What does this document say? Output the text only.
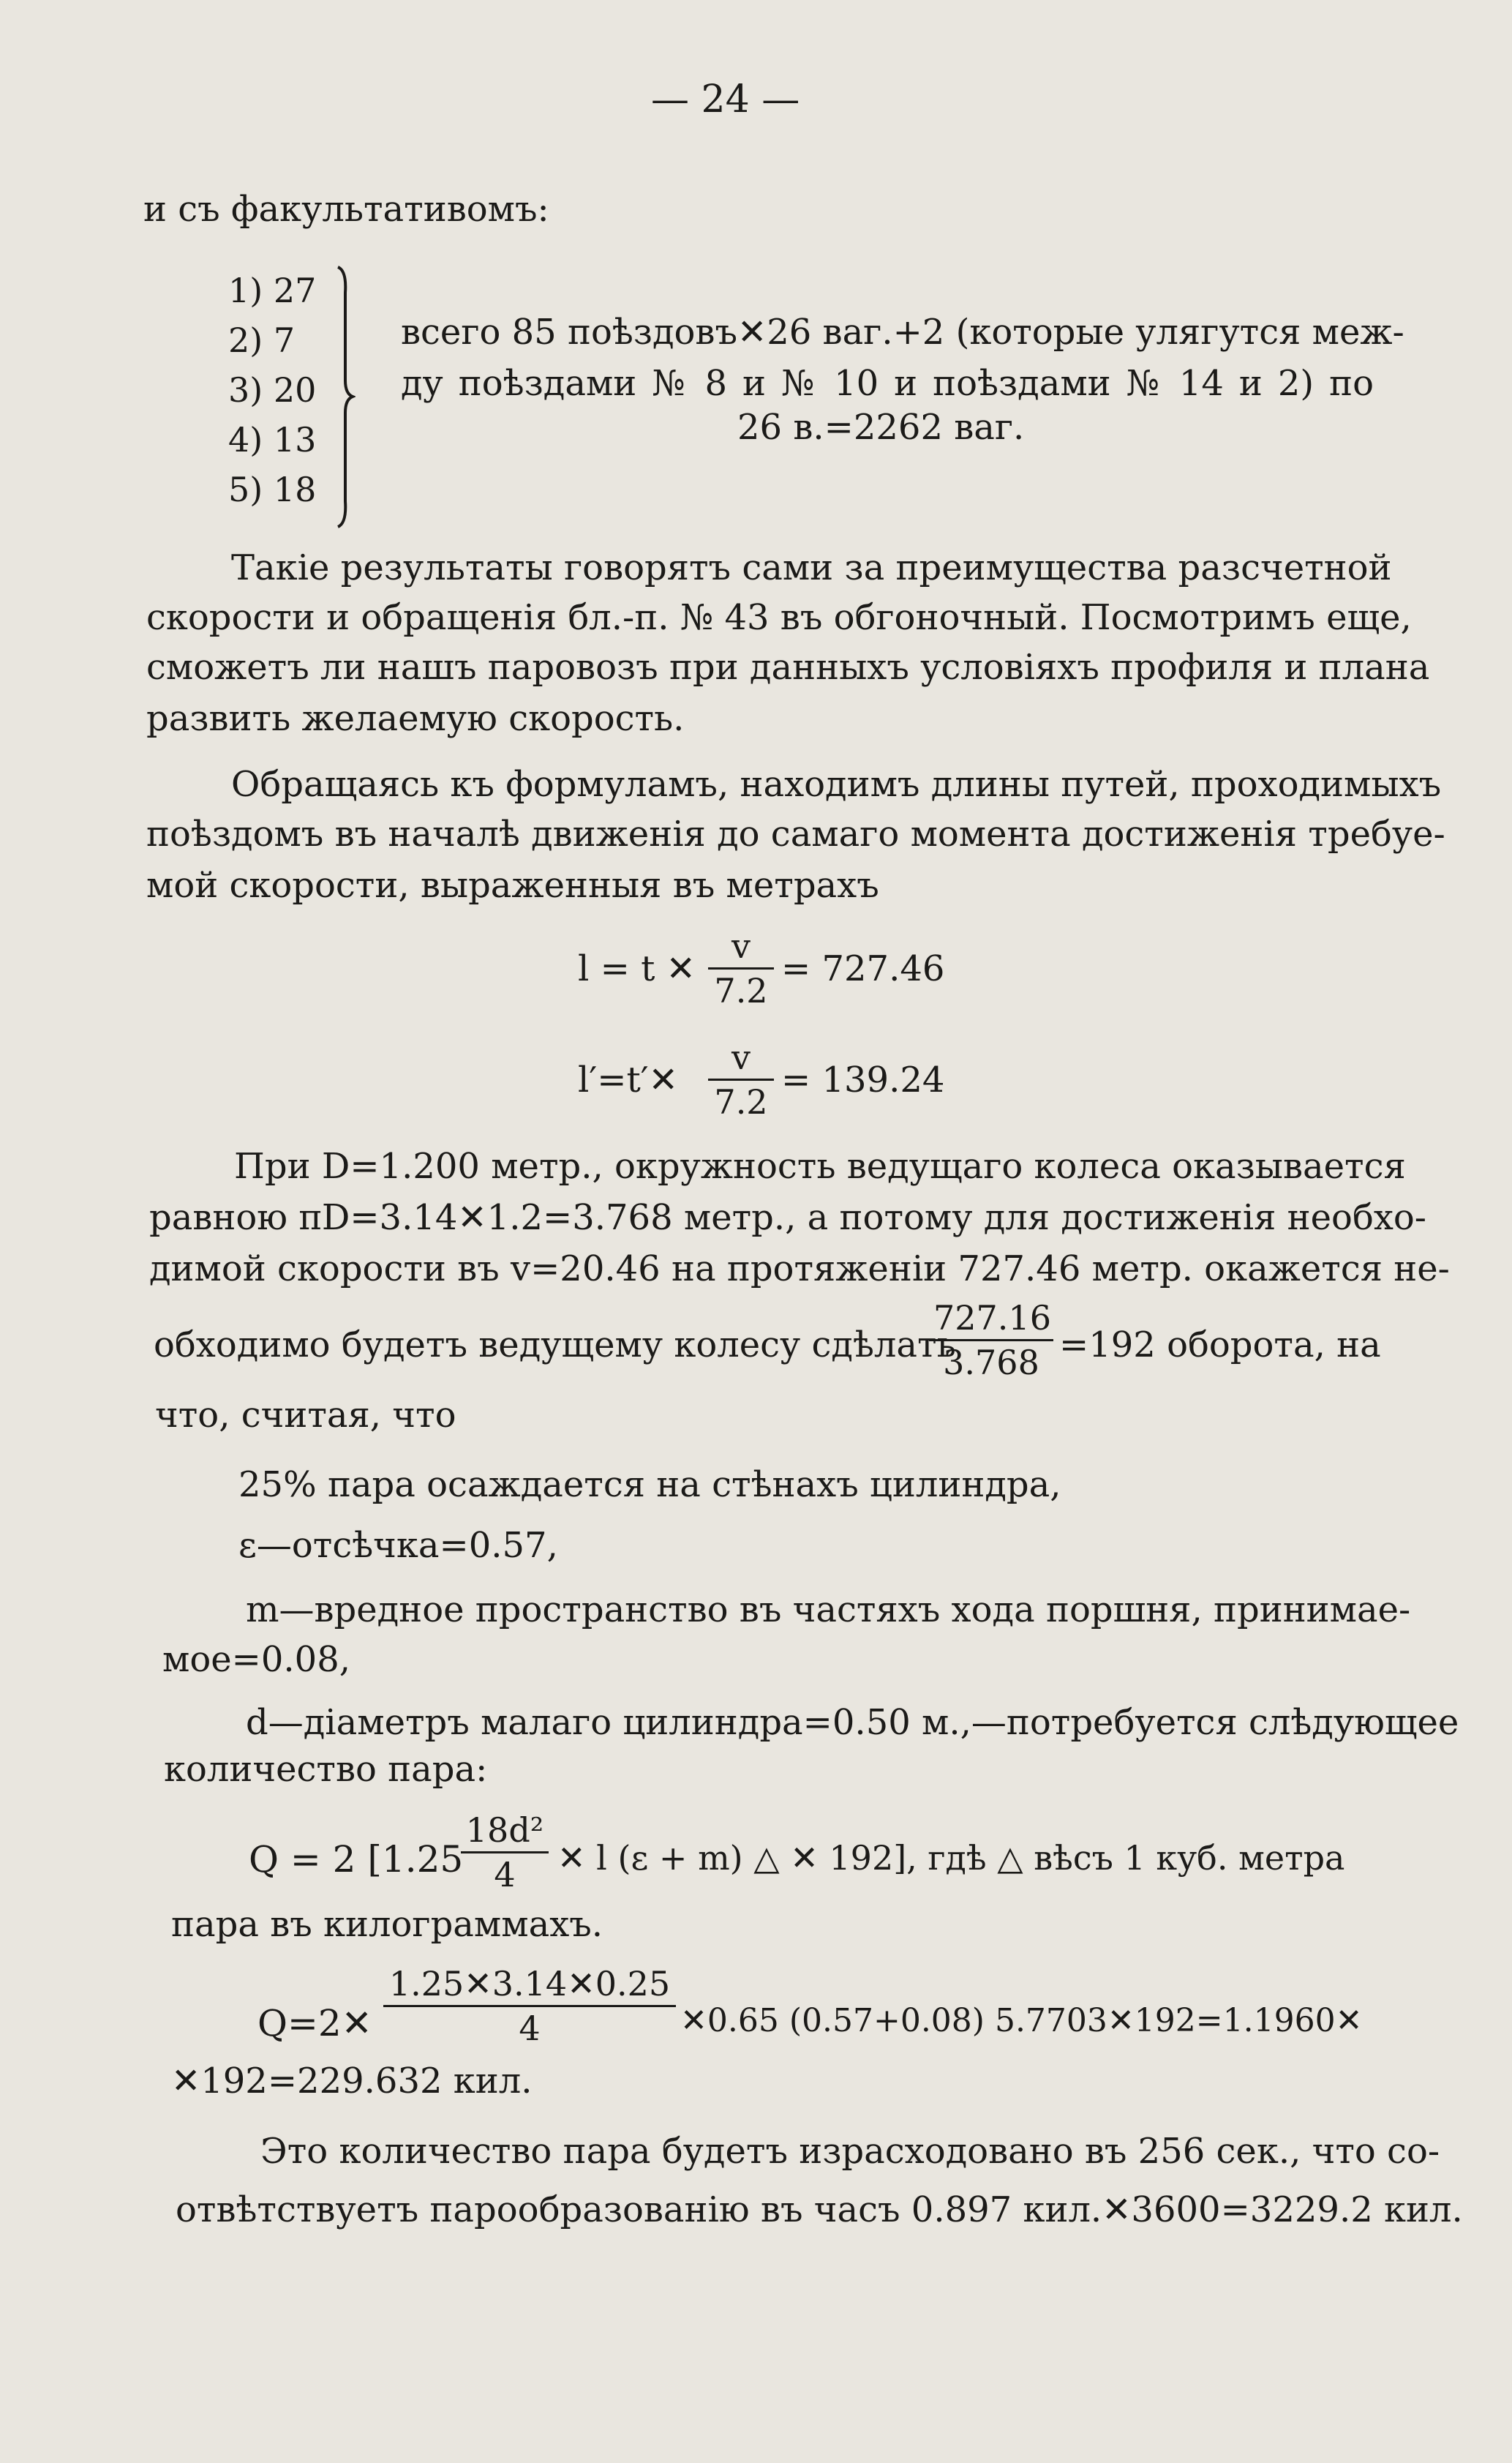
— 24 —
и съ факультативомъ:
1) 27
2) 7
3) 20
4) 13
5) 18
всего 85 поѣздовъ✕26 ваг.+2 (которые улягутся меж-
ду поѣздами № 8 и № 10 и поѣздами № 14 и 2) по
26 в.=2262 ваг.
Такіе результаты говорятъ сами за преимущества разсчетной
скорости и обращенія бл.-п. № 43 въ обгоночный. Посмотримъ еще,
сможетъ ли нашъ паровозъ при данныхъ условіяхъ профиля и плана
развить желаемую скорость.
Обращаясь къ формуламъ, находимъ длины путей, проходимыхъ
поѣздомъ въ началѣ движенія до самаго момента достиженія требуе-
мой скорости, выраженныя въ метрахъ
l = t ✕ $\frac{v}{7.2} = 727.46$
l′=t′✕ $\frac{v}{7.2} = 139.24$
При D=1.200 метр., окружность ведущаго колеса оказывается
равною πD=3.14✕1.2=3.768 метр., а потому для достиженія необхо-
димой скорости въ v=20.46 на протяженіи 727.46 метр. окажется не-
обходимо будетъ ведущему колесу сдѣлать
$\frac{727.16}{3.768} =192$ оборота, на
что, считая, что
25% пара осаждается на стѣнахъ цилиндра,
ε—отсѣчка=0.57,
m—вредное пространство въ частяхъ хода поршня, принимае-
мое=0.08,
d—діаметръ малаго цилиндра=0.50 м.,—потребуется слѣдующее
количество пара:
Q = 2 [1.25
$\frac{\text{18d²}}{4}$ ✕ l (ε + m) △ ✕ 192], гдѣ △ вѣсъ 1 куб. метра
пара въ килограммахъ.
Q=2✕ $\frac{1.25✕3.14✕0.25}{4}$ ✕0.65 (0.57+0.08) 5.7703✕192=1.1960✕
✕192=229.632 кил.
Это количество пара будетъ израсходовано въ 256 сек., что со-
отвѣтствуетъ парообразованію въ часъ 0.897 кил.✕3600=3229.2 кил.
